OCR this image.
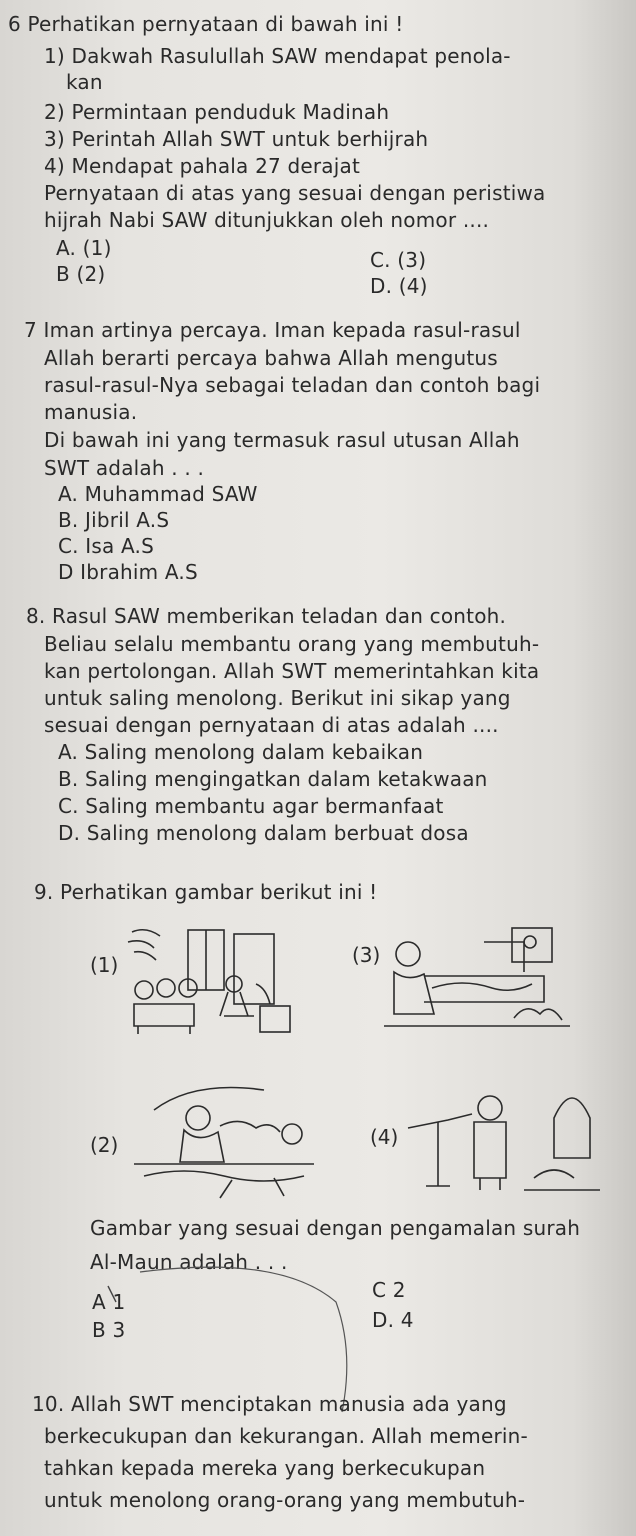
6 Perhatikan pernyataan di bawah ini !
1) Dakwah Rasulullah SAW mendapat penola-
kan
2) Permintaan penduduk Madinah
3) Perintah Allah SWT untuk berhijrah
4) Mendapat pahala 27 derajat
Pernyataan di atas yang sesuai dengan peristiwa
hijrah Nabi SAW ditunjukkan oleh nomor ....
A. (1)	C. (3)
B (2)	D. (4)
7 Iman artinya percaya. Iman kepada rasul-rasul
Allah berarti percaya bahwa Allah mengutus
rasul-rasul-Nya sebagai teladan dan contoh bagi
manusia.
Di bawah ini yang termasuk rasul utusan Allah
SWT adalah . . .
A. Muhammad SAW
B. Jibril A.S
C. Isa A.S
D Ibrahim A.S
8. Rasul SAW memberikan teladan dan contoh.
Beliau selalu membantu orang yang membutuh-
kan pertolongan. Allah SWT memerintahkan kita
untuk saling menolong. Berikut ini sikap yang
sesuai dengan pernyataan di atas adalah ....
A. Saling menolong dalam kebaikan
B. Saling mengingatkan dalam ketakwaan
C. Saling membantu agar bermanfaat
D. Saling menolong dalam berbuat dosa
9. Perhatikan gambar berikut ini !
(1)	(3)
(2)	(4)
Gambar yang sesuai dengan pengamalan surah
Al-Maun adalah . . .
A 1	C 2
B 3	D. 4
10. Allah SWT menciptakan manusia ada yang
berkecukupan dan kekurangan. Allah memerin-
tahkan kepada mereka yang berkecukupan
untuk menolong orang-orang yang membutuh-
